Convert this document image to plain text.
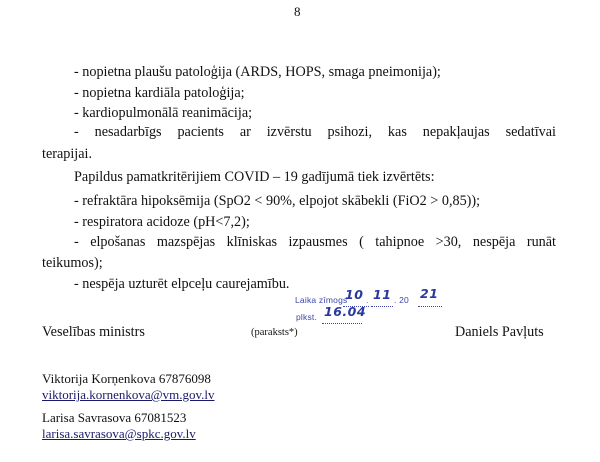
8
- nopietna plaušu patoloģija (ARDS, HOPS, smaga pneimonija);
- nopietna kardiāla patoloģija;
- kardiopulmonālā reanimācija;
- nesadarbīgs pacients ar izvērstu psihozi, kas nepakļaujas sedatīvai
terapijai.
Papildus pamatkritērijiem COVID – 19 gadījumā tiek izvērtēts:
- refraktāra hipoksēmija (SpO2 < 90%, elpojot skābekli (FiO2 > 0,85));
- respiratora acidoze (pH<7,2);
- elpošanas mazspējas klīniskas izpausmes ( tahipnoe >30, nespēja runāt
teikumos);
- nespēja uzturēt elpceļu caurejamību.
Laika zīmogs
10 . 11 . 20 21
plkst. 16.04
Veselības ministrs	(paraksts*)	Daniels Pavļuts
Viktorija Korņenkova 67876098
viktorija.kornenkova@vm.gov.lv
Larisa Savrasova 67081523
larisa.savrasova@spkc.gov.lv
